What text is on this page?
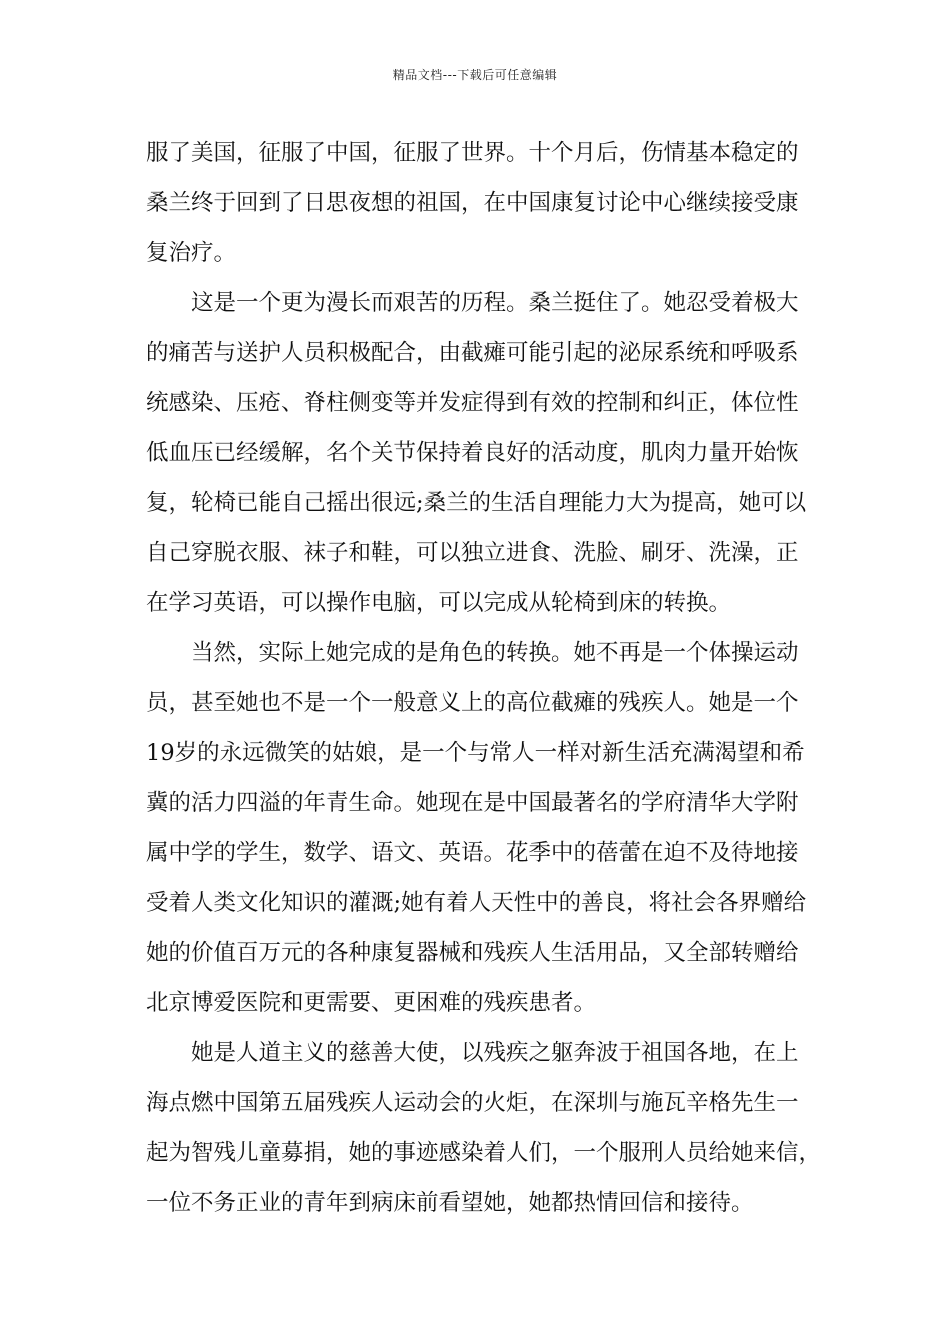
精品文档---下载后可任意编辑

服了美国，征服了中国，征服了世界。十个月后，伤情基本稳定的

桑兰终于回到了日思夜想的祖国，在中国康复讨论中心继续接受康

复治疗。

这是一个更为漫长而艰苦的历程。桑兰挺住了。她忍受着极大

的痛苦与送护人员积极配合，由截瘫可能引起的泌尿系统和呼吸系

统感染、压疮、脊柱侧变等并发症得到有效的控制和纠正，体位性

低血压已经缓解，名个关节保持着良好的活动度，肌肉力量开始恢

复，轮椅已能自己摇出很远;桑兰的生活自理能力大为提高，她可以

自己穿脱衣服、袜子和鞋，可以独立进食、洗脸、刷牙、洗澡，正

在学习英语，可以操作电脑，可以完成从轮椅到床的转换。

当然，实际上她完成的是角色的转换。她不再是一个体操运动

员，甚至她也不是一个一般意义上的高位截瘫的残疾人。她是一个

19岁的永远微笑的姑娘，是一个与常人一样对新生活充满渴望和希

冀的活力四溢的年青生命。她现在是中国最著名的学府清华大学附

属中学的学生，数学、语文、英语。花季中的蓓蕾在迫不及待地接

受着人类文化知识的灌溉;她有着人天性中的善良，将社会各界赠给

她的价值百万元的各种康复器械和残疾人生活用品，又全部转赠给

北京博爱医院和更需要、更困难的残疾患者。

她是人道主义的慈善大使，以残疾之躯奔波于祖国各地，在上

海点燃中国第五届残疾人运动会的火炬，在深圳与施瓦辛格先生一

起为智残儿童募捐，她的事迹感染着人们，一个服刑人员给她来信，

一位不务正业的青年到病床前看望她，她都热情回信和接待。
